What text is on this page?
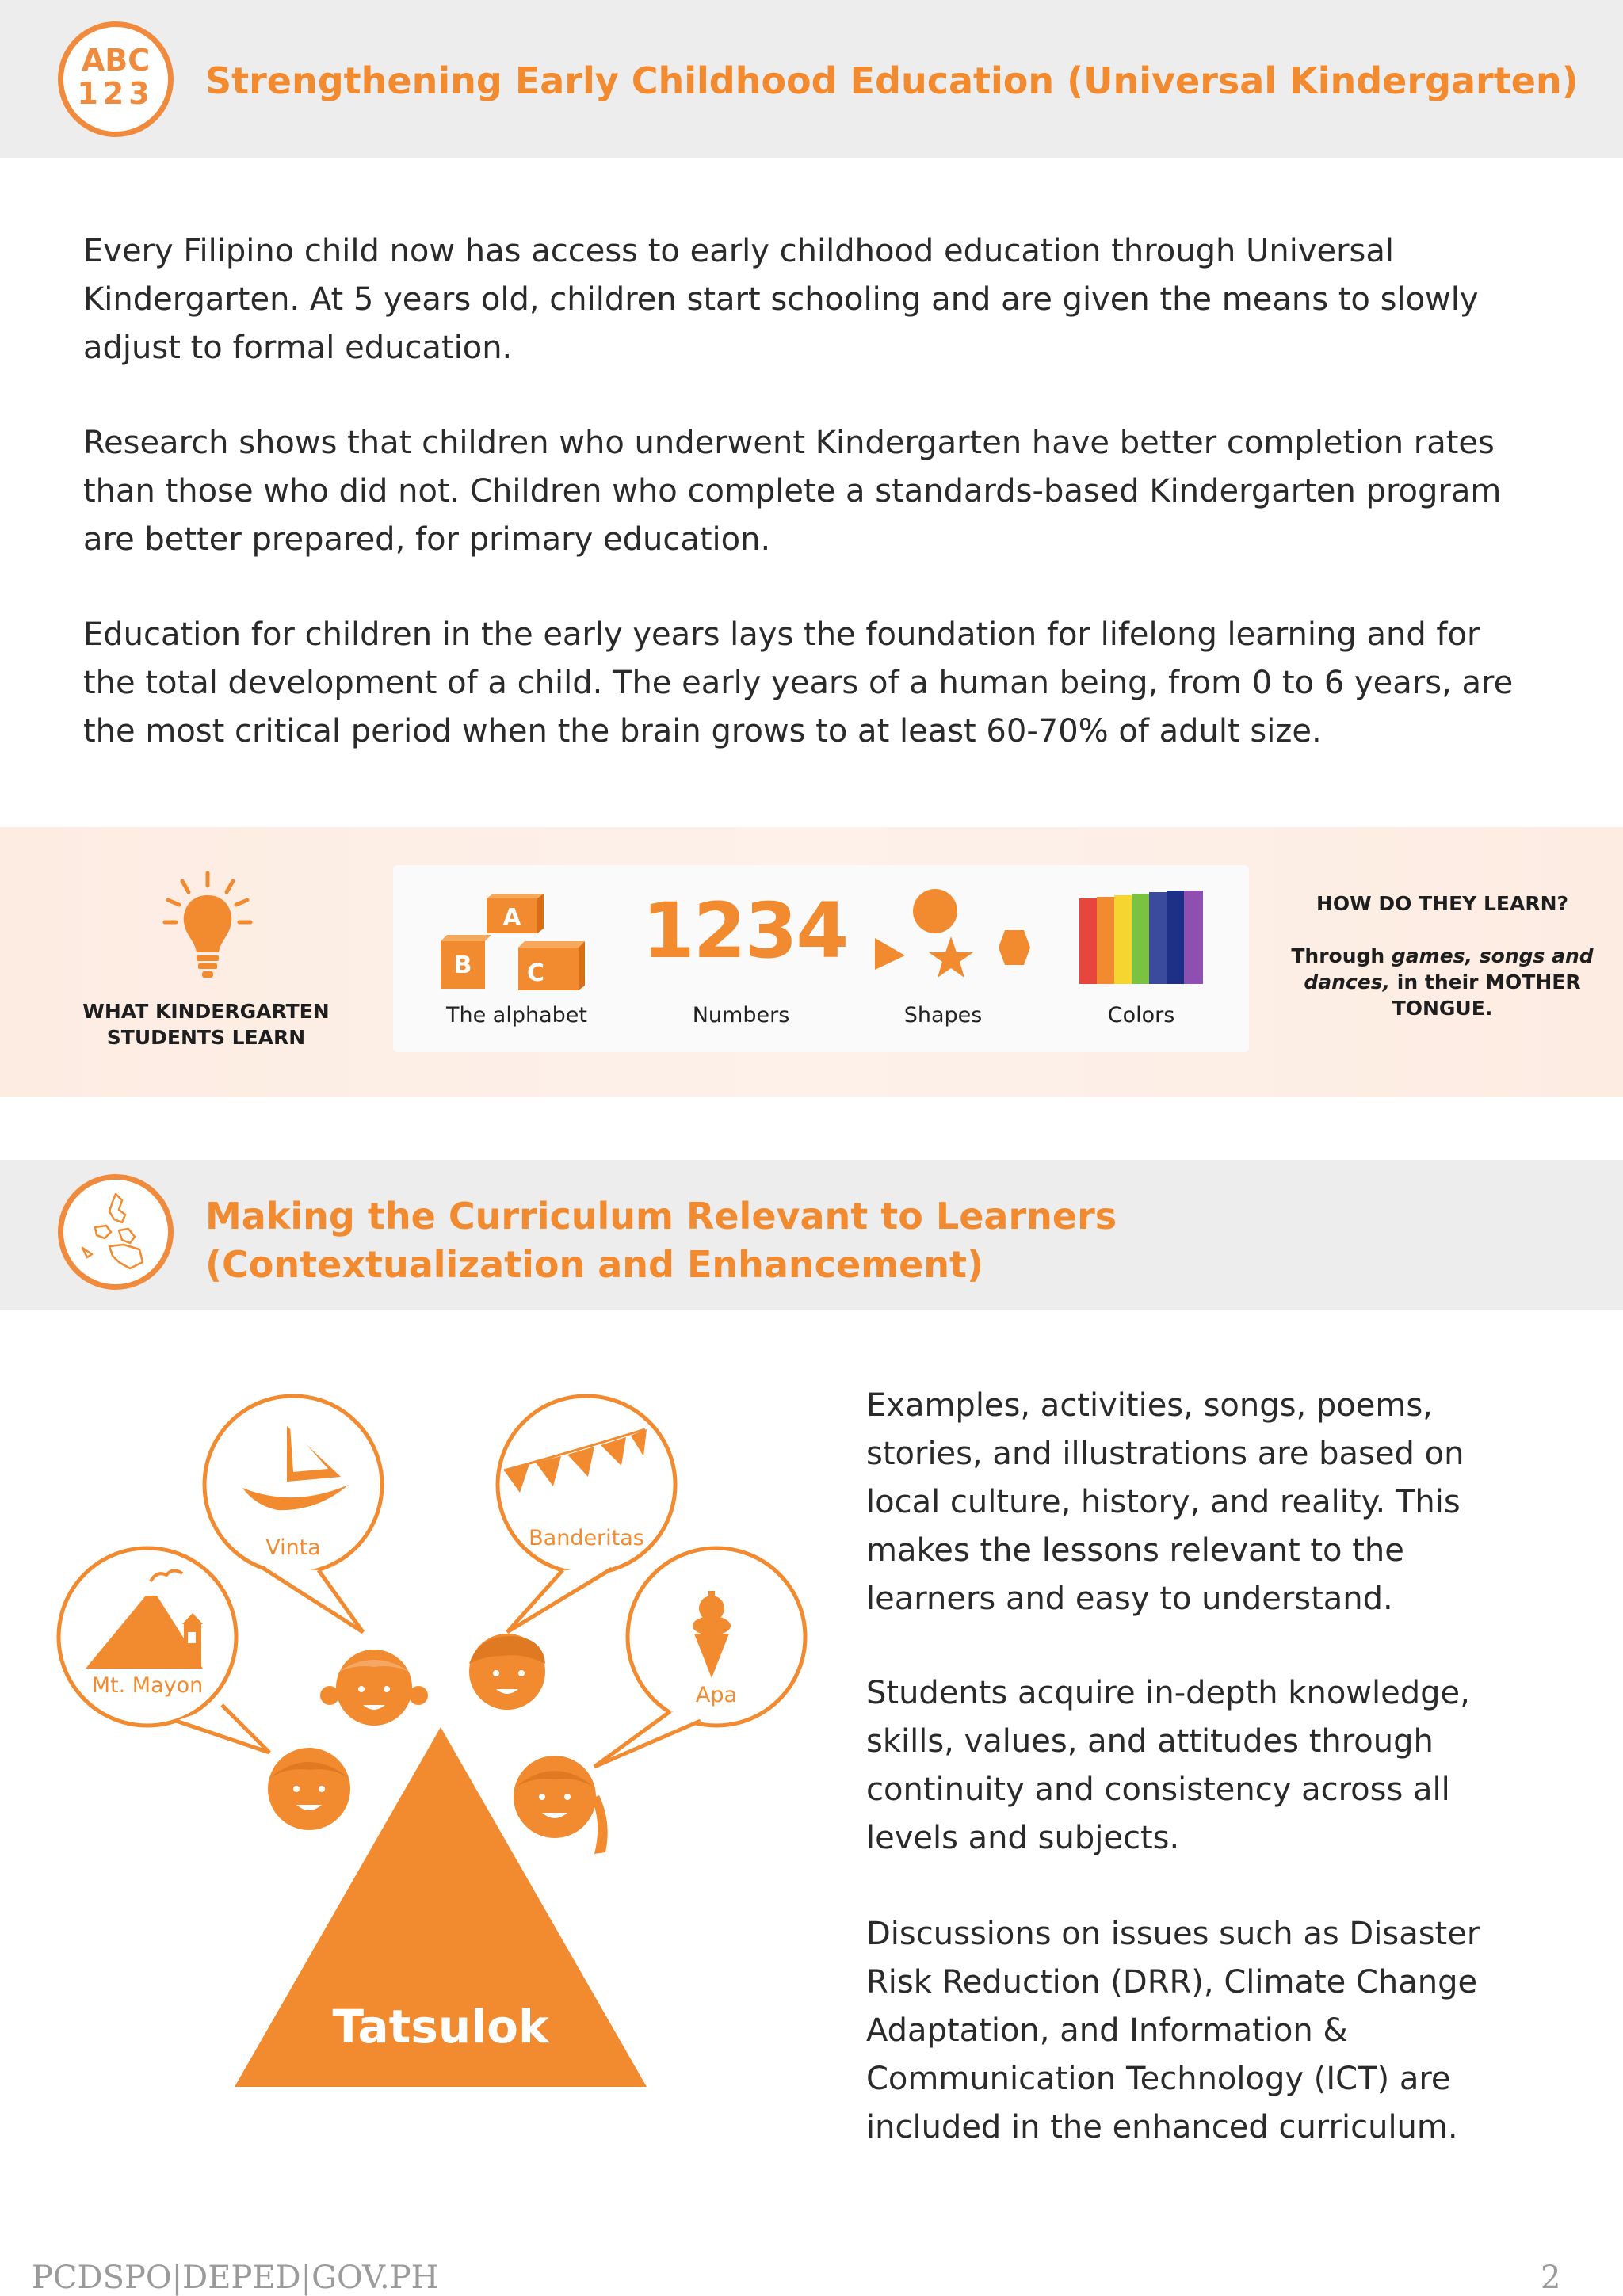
ABC
123	Strengthening Early Childhood Education (Universal Kindergarten)

Every Filipino child now has access to early childhood education through Universal
Kindergarten. At 5 years old, children start schooling and are given the means to slowly
adjust to formal education.

Research shows that children who underwent Kindergarten have better completion rates
than those who did not. Children who complete a standards-based Kindergarten program
are better prepared, for primary education.

Education for children in the early years lays the foundation for lifelong learning and for
the total development of a child. The early years of a human being, from 0 to 6 years, are
the most critical period when the brain grows to at least 60-70% of adult size.

WHAT KINDERGARTEN
STUDENTS LEARN
A
B C
The alphabet
1234
Numbers	Shapes	Colors
HOW DO THEY LEARN?
Through games, songs and
dances, in their MOTHER
TONGUE.
Making the Curriculum Relevant to Learners
(Contextualization and Enhancement)
Vinta	Banderitas
Mt. Mayon	Apa
Tatsulok

Examples, activities, songs, poems,
stories, and illustrations are based on
local culture, history, and reality. This
makes the lessons relevant to the
learners and easy to understand.

Students acquire in-depth knowledge,
skills, values, and attitudes through
continuity and consistency across all
levels and subjects.

Discussions on issues such as Disaster
Risk Reduction (DRR), Climate Change
Adaptation, and Information &
Communication Technology (ICT) are
included in the enhanced curriculum.

PCDSPO|DEPED|GOV.PH	2
